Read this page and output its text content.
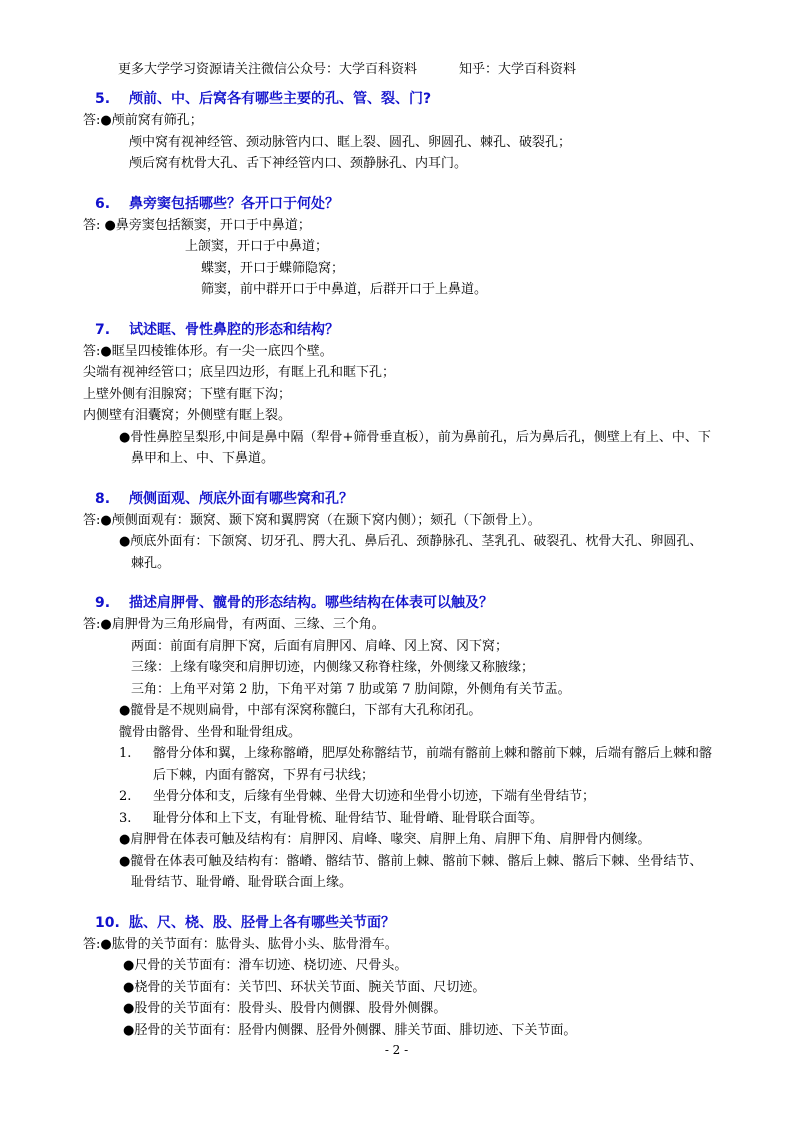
更多大学学习资源请关注微信公众号：大学百科资料	知乎：大学百科资料
5. 颅前、中、后窝各有哪些主要的孔、管、裂、门?
答:●颅前窝有筛孔；
颅中窝有视神经管、颈动脉管内口、眶上裂、圆孔、卵圆孔、棘孔、破裂孔；
颅后窝有枕骨大孔、舌下神经管内口、颈静脉孔、内耳门。
6. 鼻旁窦包括哪些？各开口于何处？
答: ●鼻旁窦包括额窦，开口于中鼻道；
上颌窦，开口于中鼻道；
蝶窦，开口于蝶筛隐窝；
筛窦，前中群开口于中鼻道，后群开口于上鼻道。
7. 试述眶、骨性鼻腔的形态和结构？
答:●眶呈四棱锥体形。有一尖一底四个壁。
尖端有视神经管口；底呈四边形，有眶上孔和眶下孔；
上壁外侧有泪腺窝；下壁有眶下沟；
内侧壁有泪囊窝；外侧壁有眶上裂。
●骨性鼻腔呈梨形,中间是鼻中隔（犁骨+筛骨垂直板），前为鼻前孔，后为鼻后孔，侧壁上有上、中、下鼻甲和上、中、下鼻道。
8. 颅侧面观、颅底外面有哪些窝和孔？
答:●颅侧面观有：颞窝、颞下窝和翼腭窝（在颞下窝内侧）；颏孔（下颌骨上）。
●颅底外面有：下颌窝、切牙孔、腭大孔、鼻后孔、颈静脉孔、茎乳孔、破裂孔、枕骨大孔、卵圆孔、棘孔。
9. 描述肩胛骨、髋骨的形态结构。哪些结构在体表可以触及？
答:●肩胛骨为三角形扁骨，有两面、三缘、三个角。
两面：前面有肩胛下窝，后面有肩胛冈、肩峰、冈上窝、冈下窝；
三缘：上缘有喙突和肩胛切迹，内侧缘又称脊柱缘，外侧缘又称腋缘；
三角：上角平对第 2 肋，下角平对第 7 肋或第 7 肋间隙，外侧角有关节盂。
●髋骨是不规则扁骨，中部有深窝称髋臼，下部有大孔称闭孔。
髋骨由髂骨、坐骨和耻骨组成。
1.	髂骨分体和翼，上缘称髂嵴，肥厚处称髂结节，前端有髂前上棘和髂前下棘，后端有髂后上棘和髂后下棘，内面有髂窝，下界有弓状线；
2.	坐骨分体和支，后缘有坐骨棘、坐骨大切迹和坐骨小切迹，下端有坐骨结节；
3.	耻骨分体和上下支，有耻骨梳、耻骨结节、耻骨嵴、耻骨联合面等。
●肩胛骨在体表可触及结构有：肩胛冈、肩峰、喙突、肩胛上角、肩胛下角、肩胛骨内侧缘。
●髋骨在体表可触及结构有：髂嵴、髂结节、髂前上棘、髂前下棘、髂后上棘、髂后下棘、坐骨结节、耻骨结节、耻骨嵴、耻骨联合面上缘。
10. 肱、尺、桡、股、胫骨上各有哪些关节面？
答:●肱骨的关节面有：肱骨头、肱骨小头、肱骨滑车。
●尺骨的关节面有：滑车切迹、桡切迹、尺骨头。
●桡骨的关节面有：关节凹、环状关节面、腕关节面、尺切迹。
●股骨的关节面有：股骨头、股骨内侧髁、股骨外侧髁。
●胫骨的关节面有：胫骨内侧髁、胫骨外侧髁、腓关节面、腓切迹、下关节面。
- 2 -
